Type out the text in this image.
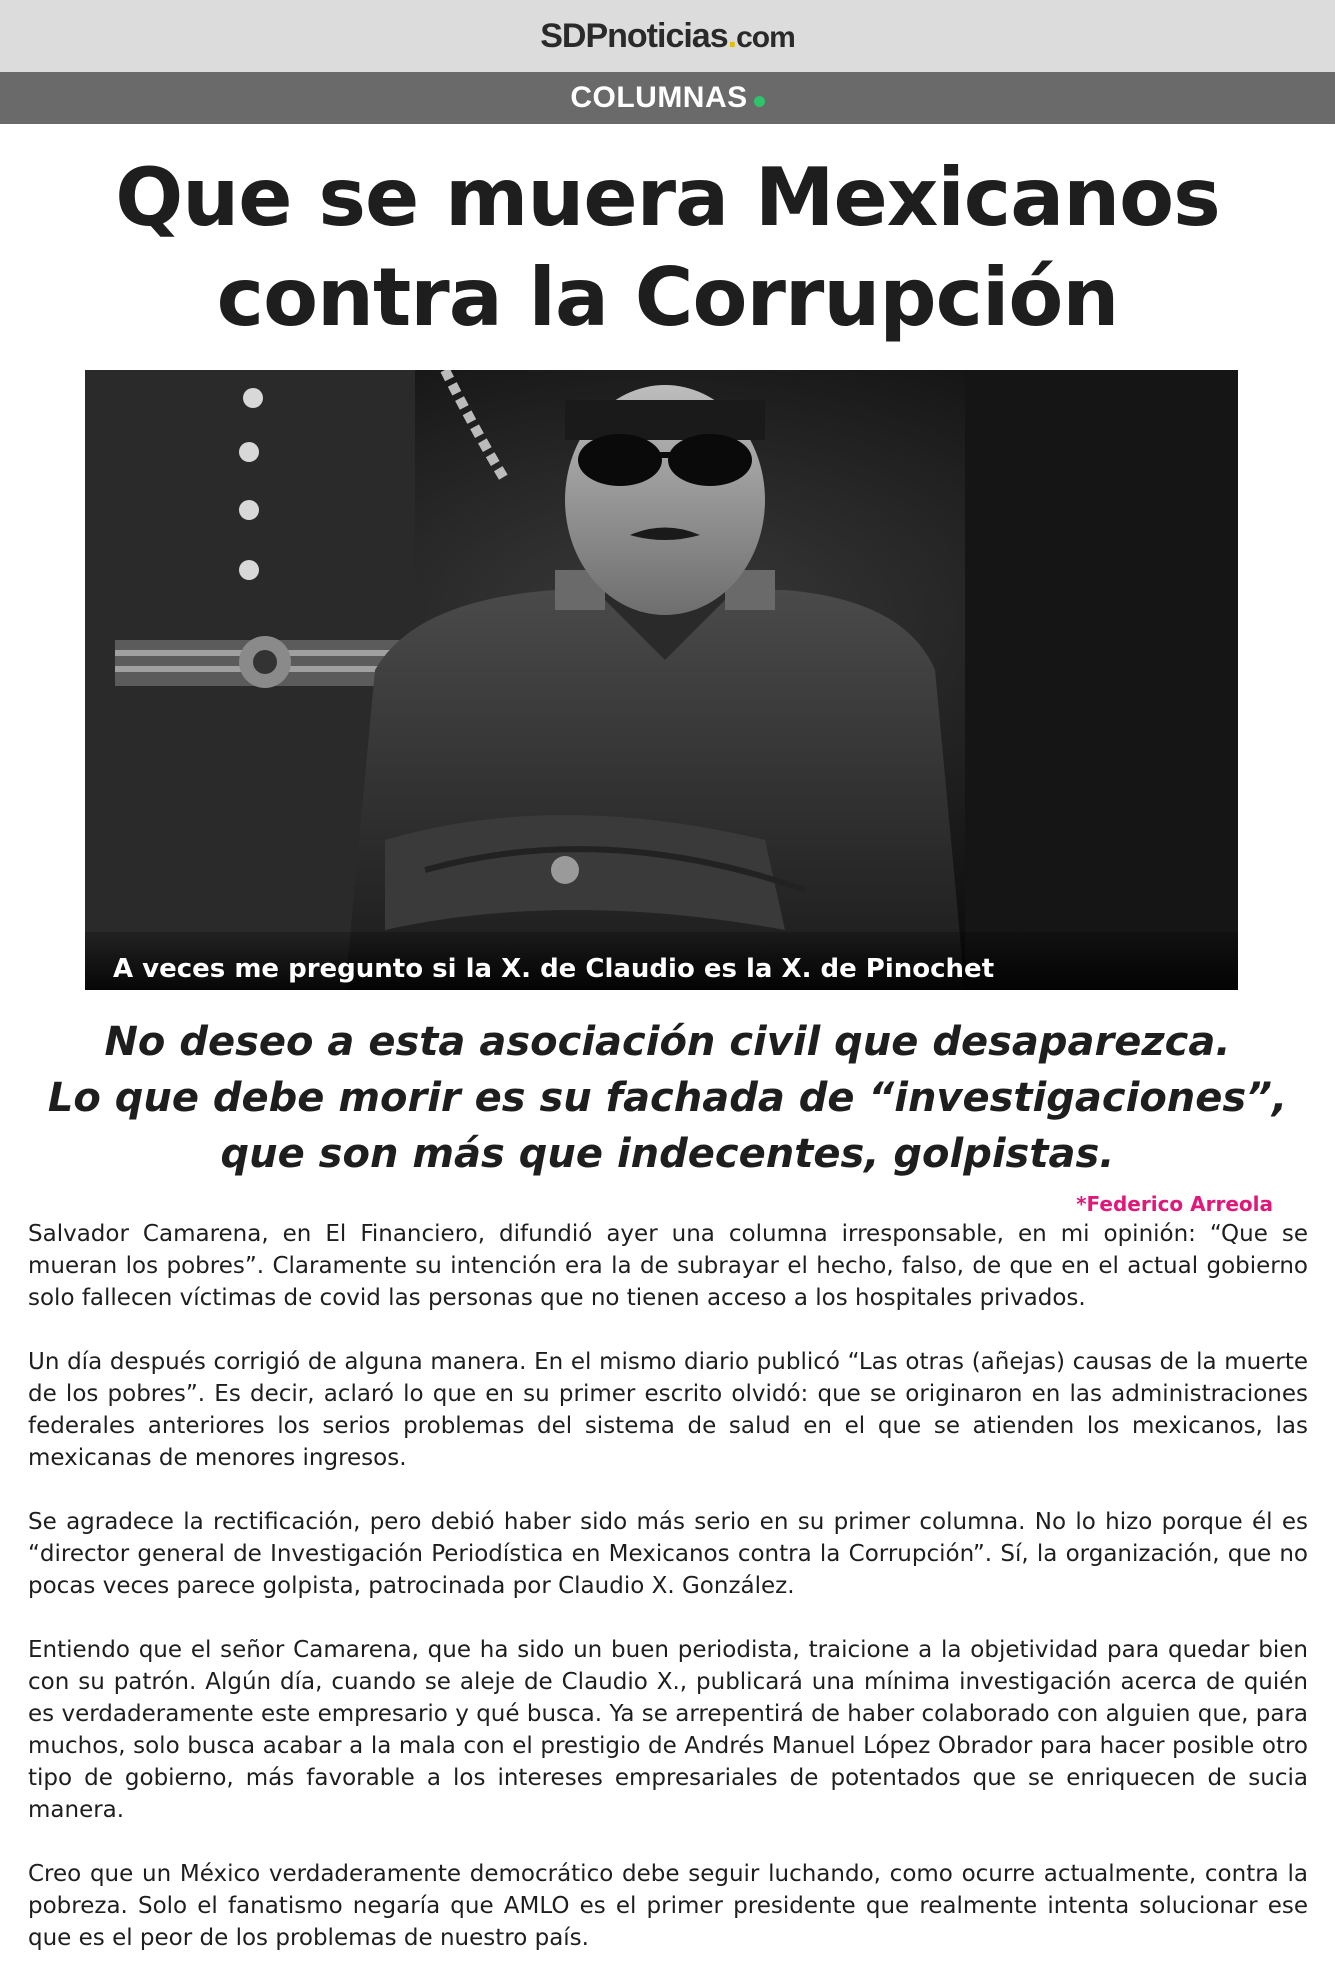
SDPnoticias.com
COLUMNAS
Que se muera Mexicanos
contra la Corrupción
A veces me pregunto si la X. de Claudio es la X. de Pinochet
No deseo a esta asociación civil que desaparezca.
Lo que debe morir es su fachada de “investigaciones”,
que son más que indecentes, golpistas.
*Federico Arreola

Salvador Camarena, en El Financiero, difundió ayer una columna irresponsable, en mi opinión: “Que se mueran los pobres”. Claramente su intención era la de subrayar el hecho, falso, de que en el actual gobierno solo fallecen víctimas de covid las personas que no tienen acceso a los hospitales privados.

Un día después corrigió de alguna manera. En el mismo diario publicó “Las otras (añejas) causas de la muerte de los pobres”. Es decir, aclaró lo que en su primer escrito olvidó: que se originaron en las administraciones federales anteriores los serios problemas del sistema de salud en el que se atienden los mexicanos, las mexicanas de menores ingresos.

Se agradece la rectificación, pero debió haber sido más serio en su primer columna. No lo hizo porque él es “director general de Investigación Periodística en Mexicanos contra la Corrupción”. Sí, la organización, que no pocas veces parece golpista, patrocinada por Claudio X. González.

Entiendo que el señor Camarena, que ha sido un buen periodista, traicione a la objetividad para quedar bien con su patrón. Algún día, cuando se aleje de Claudio X., publicará una mínima investigación acerca de quién es verdaderamente este empresario y qué busca. Ya se arrepentirá de haber colaborado con alguien que, para muchos, solo busca acabar a la mala con el prestigio de Andrés Manuel López Obrador para hacer posible otro tipo de gobierno, más favorable a los intereses empresariales de potentados que se enriquecen de sucia manera.

Creo que un México verdaderamente democrático debe seguir luchando, como ocurre actualmente, contra la pobreza. Solo el fanatismo negaría que AMLO es el primer presidente que realmente intenta solucionar ese que es el peor de los problemas de nuestro país.
